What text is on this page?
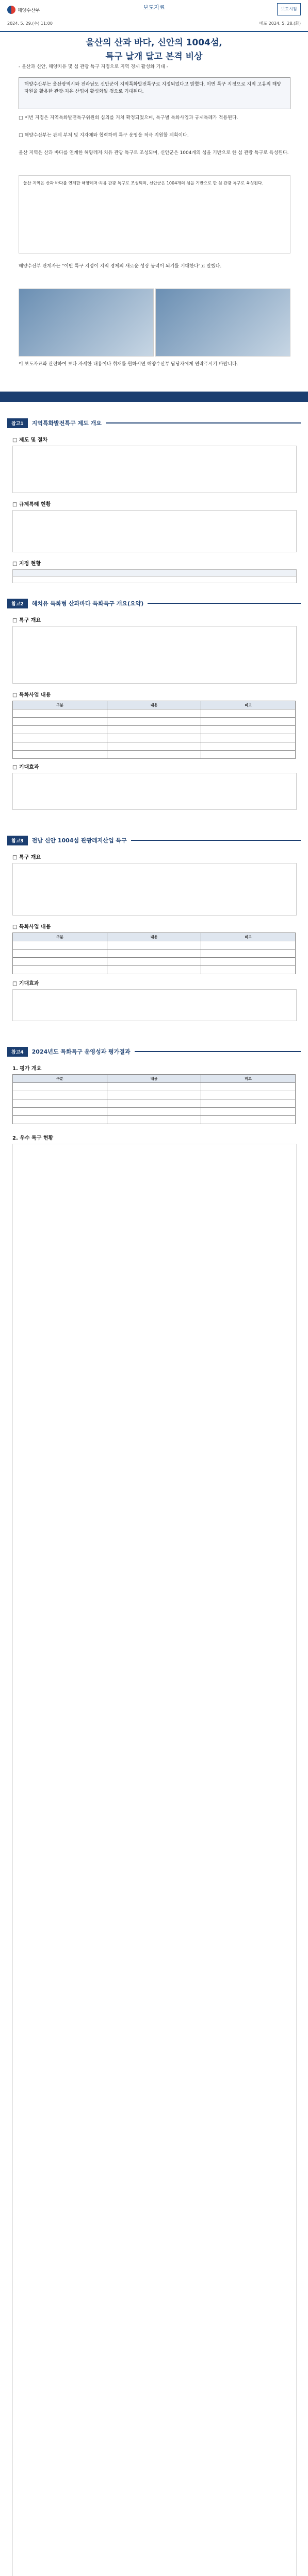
해양수산부	보도자료	보도시점
2024. 5. 29.(수) 11:00	배포 2024. 5. 28.(화)
울산의 산과 바다, 신안의 1004섬,
특구 날개 달고 본격 비상
- 울산과 신안, 해양치유 및 섬 관광 특구 지정으로 지역 경제 활성화 기대 -
해양수산부는 울산광역시와 전라남도 신안군이 지역특화발전특구로 지정되었다고 밝혔다. 이번 특구 지정으로 지역 고유의 해양 자원을 활용한 관광·치유 산업이 활성화될 것으로 기대된다.
□ 이번 지정은 지역특화발전특구위원회 심의를 거쳐 확정되었으며, 특구별 특화사업과 규제특례가 적용된다.
□ 해양수산부는 관계 부처 및 지자체와 협력하여 특구 운영을 적극 지원할 계획이다.
울산 지역은 산과 바다를 연계한 해양레저·치유 관광 특구로 조성되며, 신안군은 1004개의 섬을 기반으로 한 섬 관광 특구로 육성된다.
울산 지역은 산과 바다를 연계한 해양레저·치유 관광 특구로 조성되며, 신안군은 1004개의 섬을 기반으로 한 섬 관광 특구로 육성된다.
해양수산부 관계자는 "이번 특구 지정이 지역 경제의 새로운 성장 동력이 되기를 기대한다"고 말했다.
이 보도자료와 관련하여 보다 자세한 내용이나 취재를 원하시면 해양수산부 담당자에게 연락주시기 바랍니다.
참고1	지역특화발전특구 제도 개요
□ 제도 및 절차
□ 규제특례 현황
□ 지정 현황
참고2	해치유 특화형 산과바다 특화특구 개요(요약)
□ 특구 개요
□ 특화사업 내용
구분	내용	비고

□ 기대효과
참고3	전남 신안 1004섬 관광레저산업 특구
□ 특구 개요
□ 특화사업 내용
구분	내용	비고

□ 기대효과
참고4	2024년도 특화특구 운영성과 평가결과
1. 평가 개요
구분	내용	비고

2. 우수 특구 현황
